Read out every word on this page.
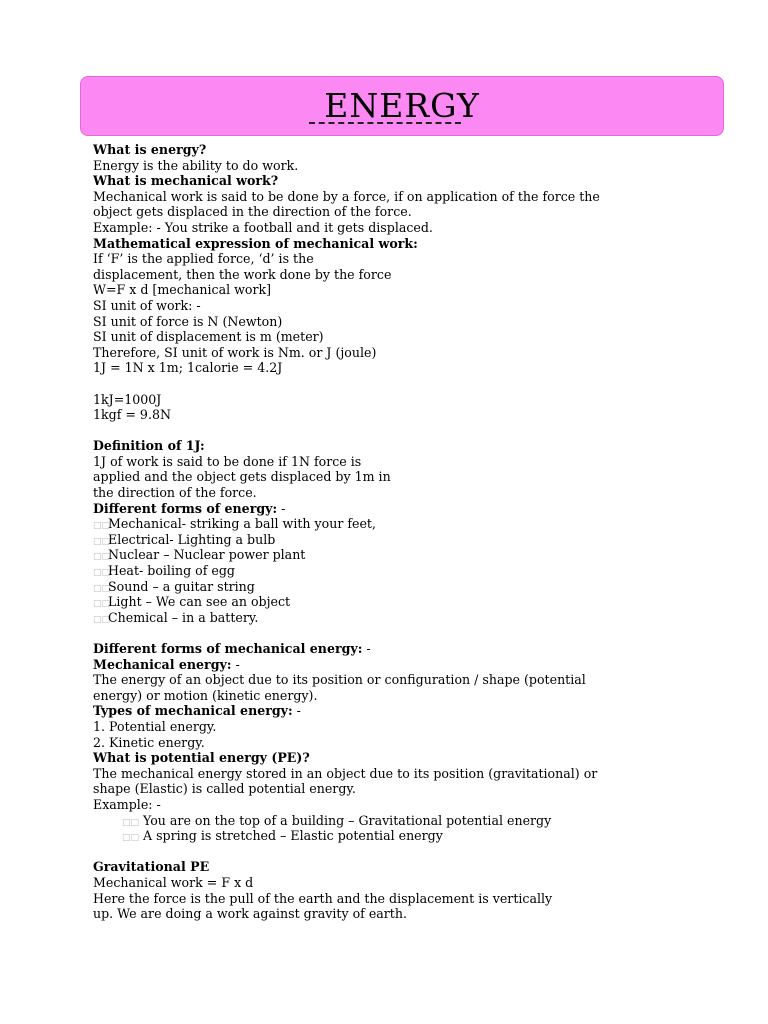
ENERGY
What is energy?
Energy is the ability to do work.
What is mechanical work?
Mechanical work is said to be done by a force, if on application of the force the
object gets displaced in the direction of the force.
Example: - You strike a football and it gets displaced.
Mathematical expression of mechanical work:
If ‘F’ is the applied force, ‘d’ is the
displacement, then the work done by the force
W=F x d [mechanical work]
SI unit of work: -
SI unit of force is N (Newton)
SI unit of displacement is m (meter)
Therefore, SI unit of work is Nm. or J (joule)
1J = 1N x 1m; 1calorie = 4.2J
1kJ=1000J
1kgf = 9.8N
Definition of 1J:
1J of work is said to be done if 1N force is
applied and the object gets displaced by 1m in
the direction of the force.
Different forms of energy: -
□□Mechanical- striking a ball with your feet,
□□Electrical- Lighting a bulb
□□Nuclear – Nuclear power plant
□□Heat- boiling of egg
□□Sound – a guitar string
□□Light – We can see an object
□□Chemical – in a battery.
Different forms of mechanical energy: -
Mechanical energy: -
The energy of an object due to its position or configuration / shape (potential
energy) or motion (kinetic energy).
Types of mechanical energy: -
1. Potential energy.
2. Kinetic energy.
What is potential energy (PE)?
The mechanical energy stored in an object due to its position (gravitational) or
shape (Elastic) is called potential energy.
Example: -
□□ You are on the top of a building – Gravitational potential energy
□□ A spring is stretched – Elastic potential energy
Gravitational PE
Mechanical work = F x d
Here the force is the pull of the earth and the displacement is vertically
up. We are doing a work against gravity of earth.
